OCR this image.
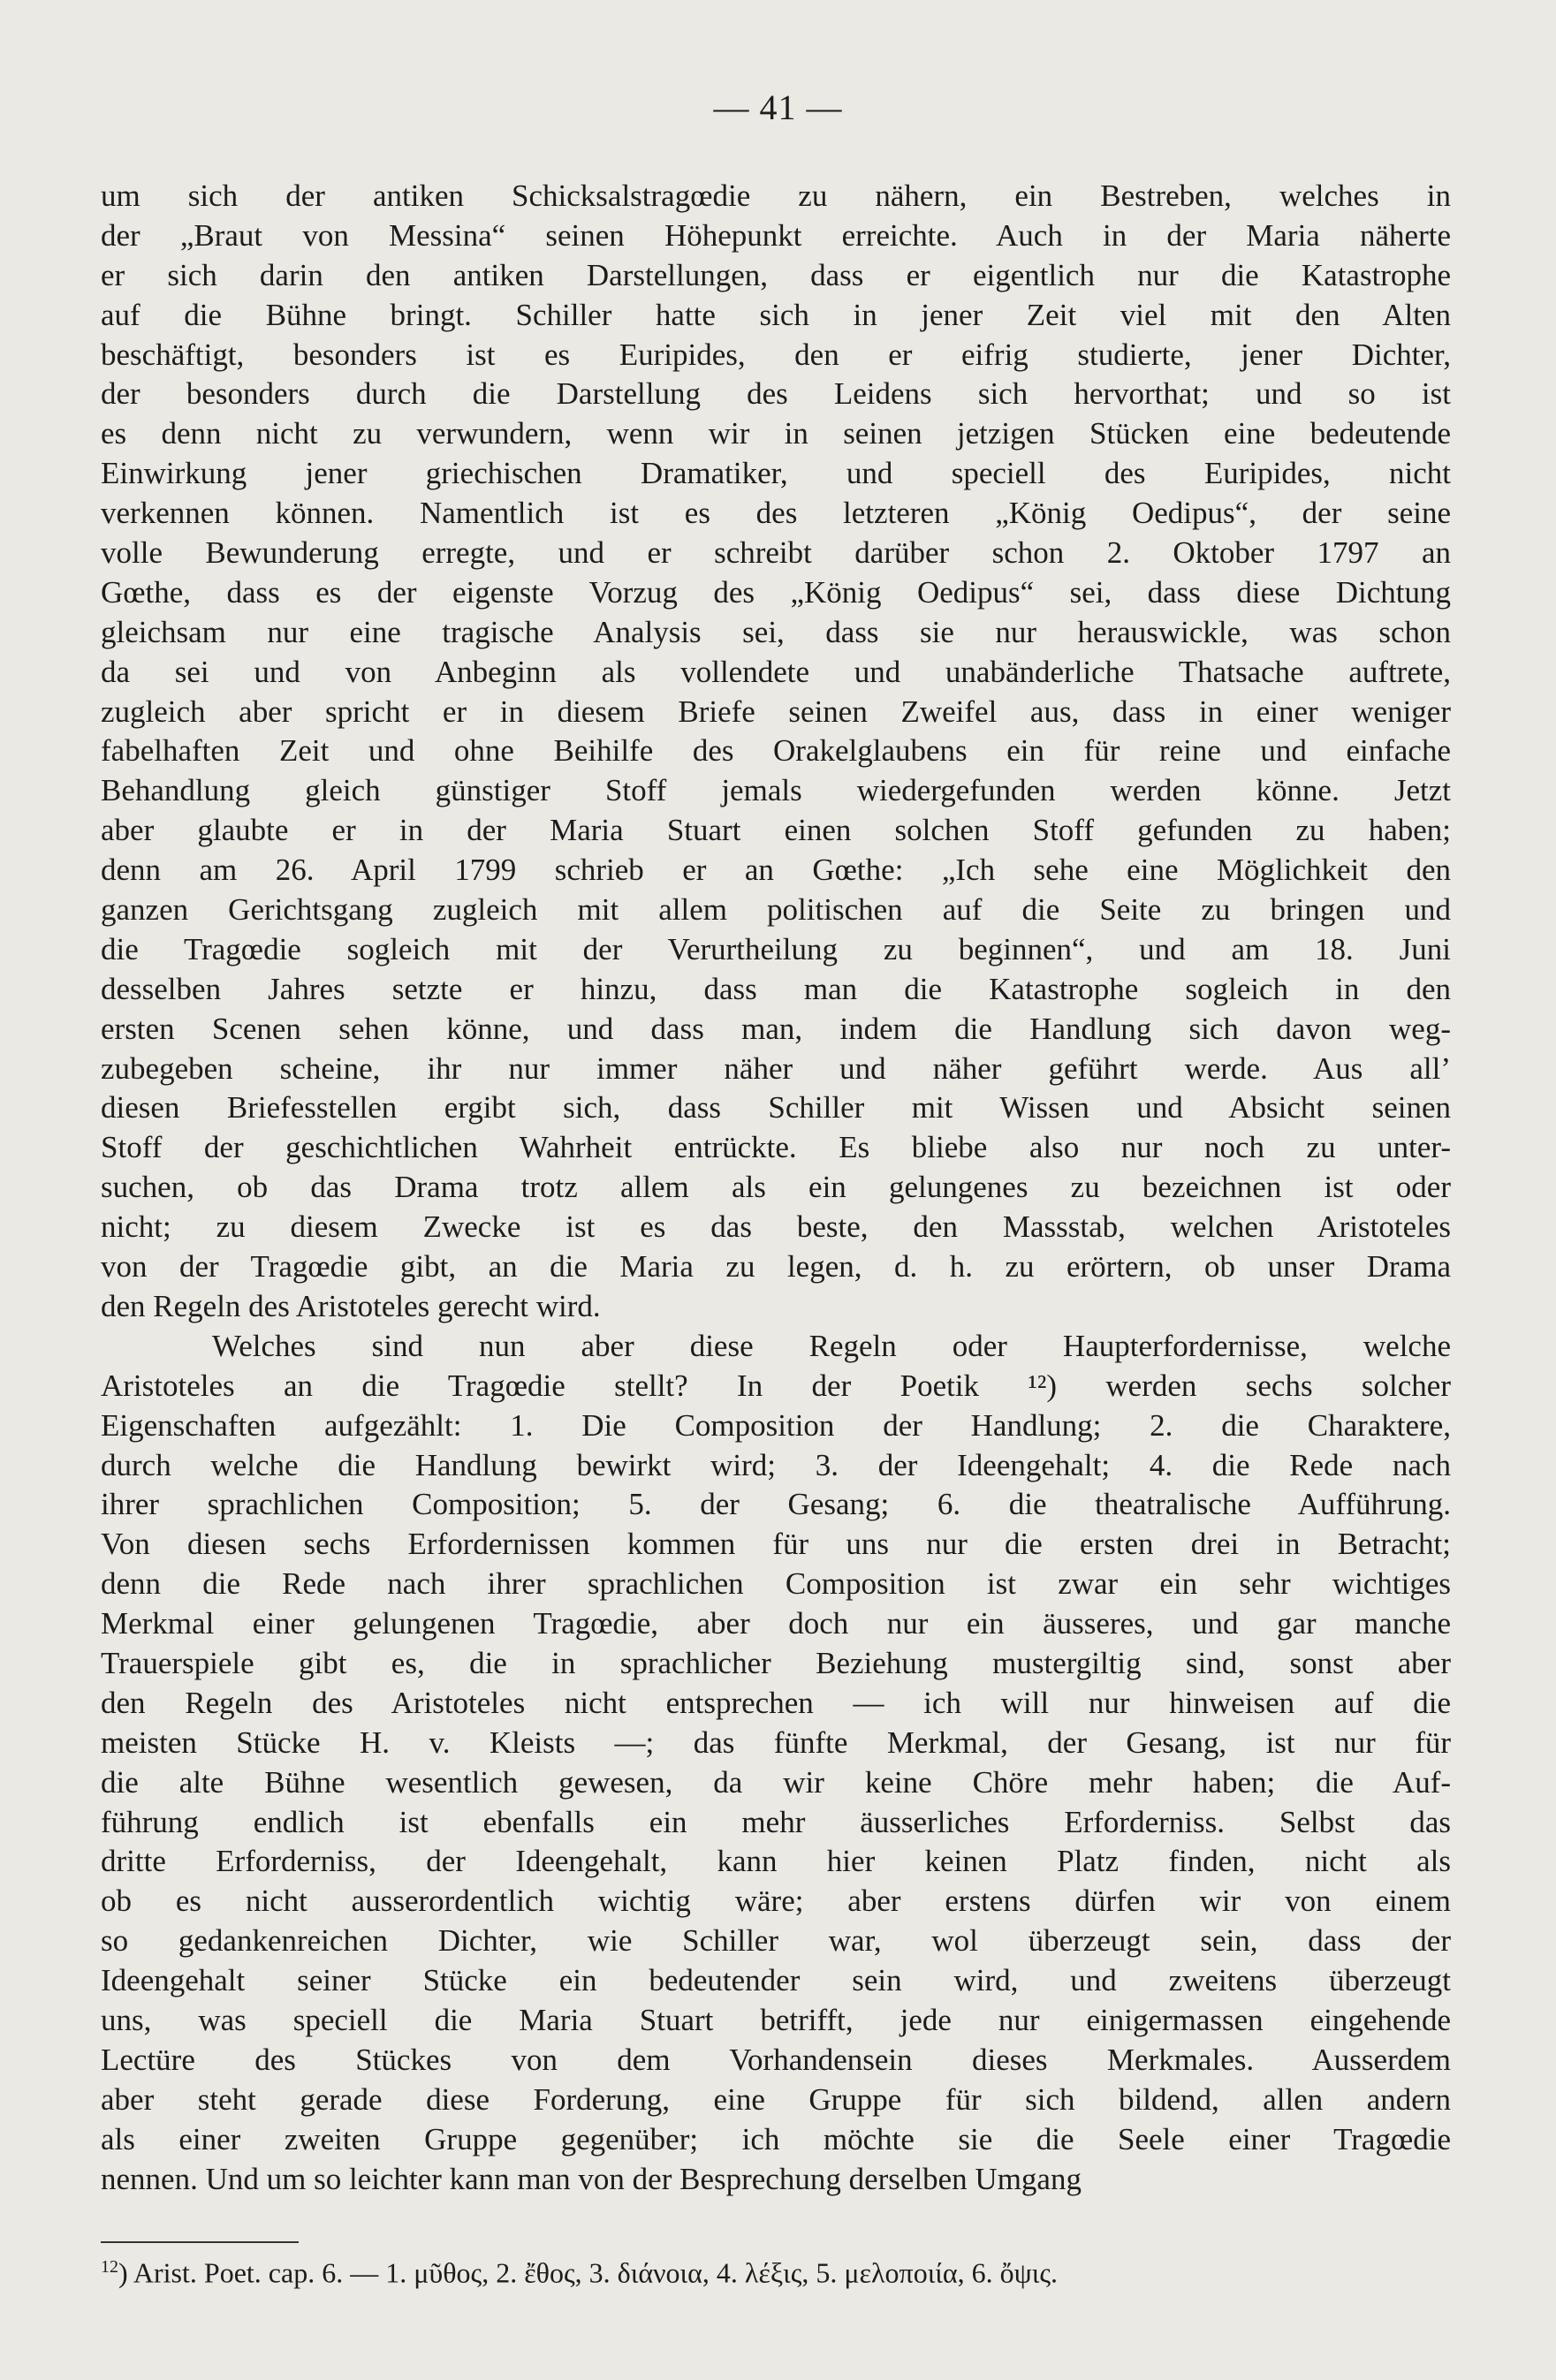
— 41 —
um sich der antiken Schicksalstragœdie zu nähern, ein Bestreben, welches in
der „Braut von Messina“ seinen Höhepunkt erreichte. Auch in der Maria näherte
er sich darin den antiken Darstellungen, dass er eigentlich nur die Katastrophe
auf die Bühne bringt. Schiller hatte sich in jener Zeit viel mit den Alten
beschäftigt, besonders ist es Euripides, den er eifrig studierte, jener Dichter,
der besonders durch die Darstellung des Leidens sich hervorthat; und so ist
es denn nicht zu verwundern, wenn wir in seinen jetzigen Stücken eine bedeutende
Einwirkung jener griechischen Dramatiker, und speciell des Euripides, nicht
verkennen können. Namentlich ist es des letzteren „König Oedipus“, der seine
volle Bewunderung erregte, und er schreibt darüber schon 2. Oktober 1797 an
Gœthe, dass es der eigenste Vorzug des „König Oedipus“ sei, dass diese Dichtung
gleichsam nur eine tragische Analysis sei, dass sie nur herauswickle, was schon
da sei und von Anbeginn als vollendete und unabänderliche Thatsache auftrete,
zugleich aber spricht er in diesem Briefe seinen Zweifel aus, dass in einer weniger
fabelhaften Zeit und ohne Beihilfe des Orakelglaubens ein für reine und einfache
Behandlung gleich günstiger Stoff jemals wiedergefunden werden könne. Jetzt
aber glaubte er in der Maria Stuart einen solchen Stoff gefunden zu haben;
denn am 26. April 1799 schrieb er an Gœthe: „Ich sehe eine Möglichkeit den
ganzen Gerichtsgang zugleich mit allem politischen auf die Seite zu bringen und
die Tragœdie sogleich mit der Verurtheilung zu beginnen“, und am 18. Juni
desselben Jahres setzte er hinzu, dass man die Katastrophe sogleich in den
ersten Scenen sehen könne, und dass man, indem die Handlung sich davon weg-
zubegeben scheine, ihr nur immer näher und näher geführt werde. Aus all’
diesen Briefesstellen ergibt sich, dass Schiller mit Wissen und Absicht seinen
Stoff der geschichtlichen Wahrheit entrückte. Es bliebe also nur noch zu unter-
suchen, ob das Drama trotz allem als ein gelungenes zu bezeichnen ist oder
nicht; zu diesem Zwecke ist es das beste, den Massstab, welchen Aristoteles
von der Tragœdie gibt, an die Maria zu legen, d. h. zu erörtern, ob unser Drama
den Regeln des Aristoteles gerecht wird.
Welches sind nun aber diese Regeln oder Haupterfordernisse, welche
Aristoteles an die Tragœdie stellt? In der Poetik ¹²) werden sechs solcher
Eigenschaften aufgezählt: 1. Die Composition der Handlung; 2. die Charaktere,
durch welche die Handlung bewirkt wird; 3. der Ideengehalt; 4. die Rede nach
ihrer sprachlichen Composition; 5. der Gesang; 6. die theatralische Aufführung.
Von diesen sechs Erfordernissen kommen für uns nur die ersten drei in Betracht;
denn die Rede nach ihrer sprachlichen Composition ist zwar ein sehr wichtiges
Merkmal einer gelungenen Tragœdie, aber doch nur ein äusseres, und gar manche
Trauerspiele gibt es, die in sprachlicher Beziehung mustergiltig sind, sonst aber
den Regeln des Aristoteles nicht entsprechen — ich will nur hinweisen auf die
meisten Stücke H. v. Kleists —; das fünfte Merkmal, der Gesang, ist nur für
die alte Bühne wesentlich gewesen, da wir keine Chöre mehr haben; die Auf-
führung endlich ist ebenfalls ein mehr äusserliches Erforderniss. Selbst das
dritte Erforderniss, der Ideengehalt, kann hier keinen Platz finden, nicht als
ob es nicht ausserordentlich wichtig wäre; aber erstens dürfen wir von einem
so gedankenreichen Dichter, wie Schiller war, wol überzeugt sein, dass der
Ideengehalt seiner Stücke ein bedeutender sein wird, und zweitens überzeugt
uns, was speciell die Maria Stuart betrifft, jede nur einigermassen eingehende
Lectüre des Stückes von dem Vorhandensein dieses Merkmales. Ausserdem
aber steht gerade diese Forderung, eine Gruppe für sich bildend, allen andern
als einer zweiten Gruppe gegenüber; ich möchte sie die Seele einer Tragœdie
nennen. Und um so leichter kann man von der Besprechung derselben Umgang
$^{12}$) Arist. Poet. cap. 6. — 1. μῦθος, 2. ἔθος, 3. διάνοια, 4. λέξις, 5. μελοποιία, 6. ὄψις.
